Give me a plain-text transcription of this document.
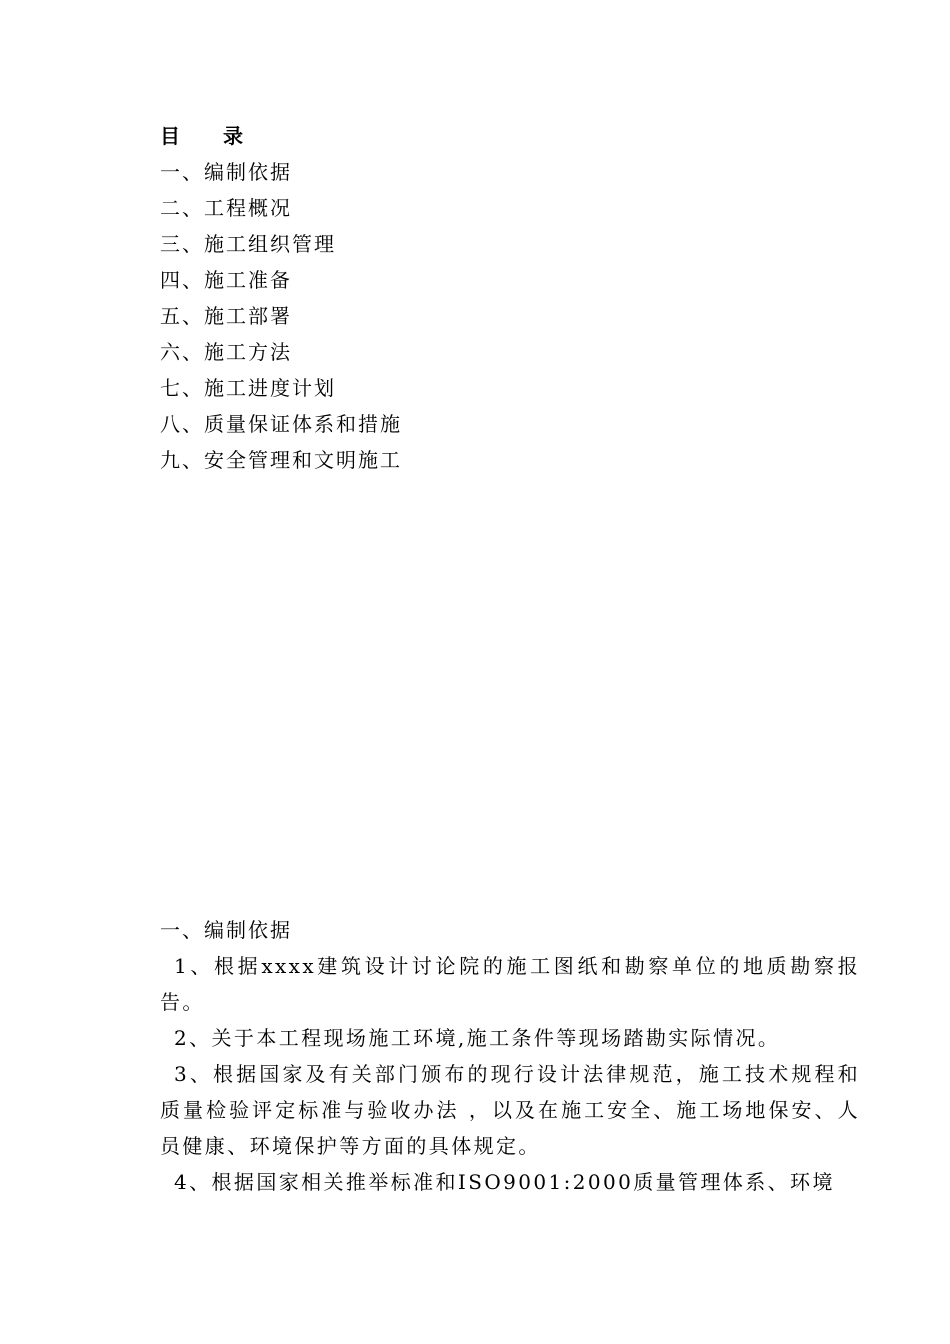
目 录
一、编制依据
二、工程概况
三、施工组织管理
四、施工准备
五、施工部署
六、施工方法
七、施工进度计划
八、质量保证体系和措施
九、安全管理和文明施工
一、编制依据

1、根据xxxx建筑设计讨论院的施工图纸和勘察单位的地质勘察报告。

2、关于本工程现场施工环境,施工条件等现场踏勘实际情况。

3、根据国家及有关部门颁布的现行设计法律规范，施工技术规程和质量检验评定标准与验收办法 ，以及在施工安全、施工场地保安、人员健康、环境保护等方面的具体规定。

4、根据国家相关推举标准和ISO9001:2000质量管理体系、环境
